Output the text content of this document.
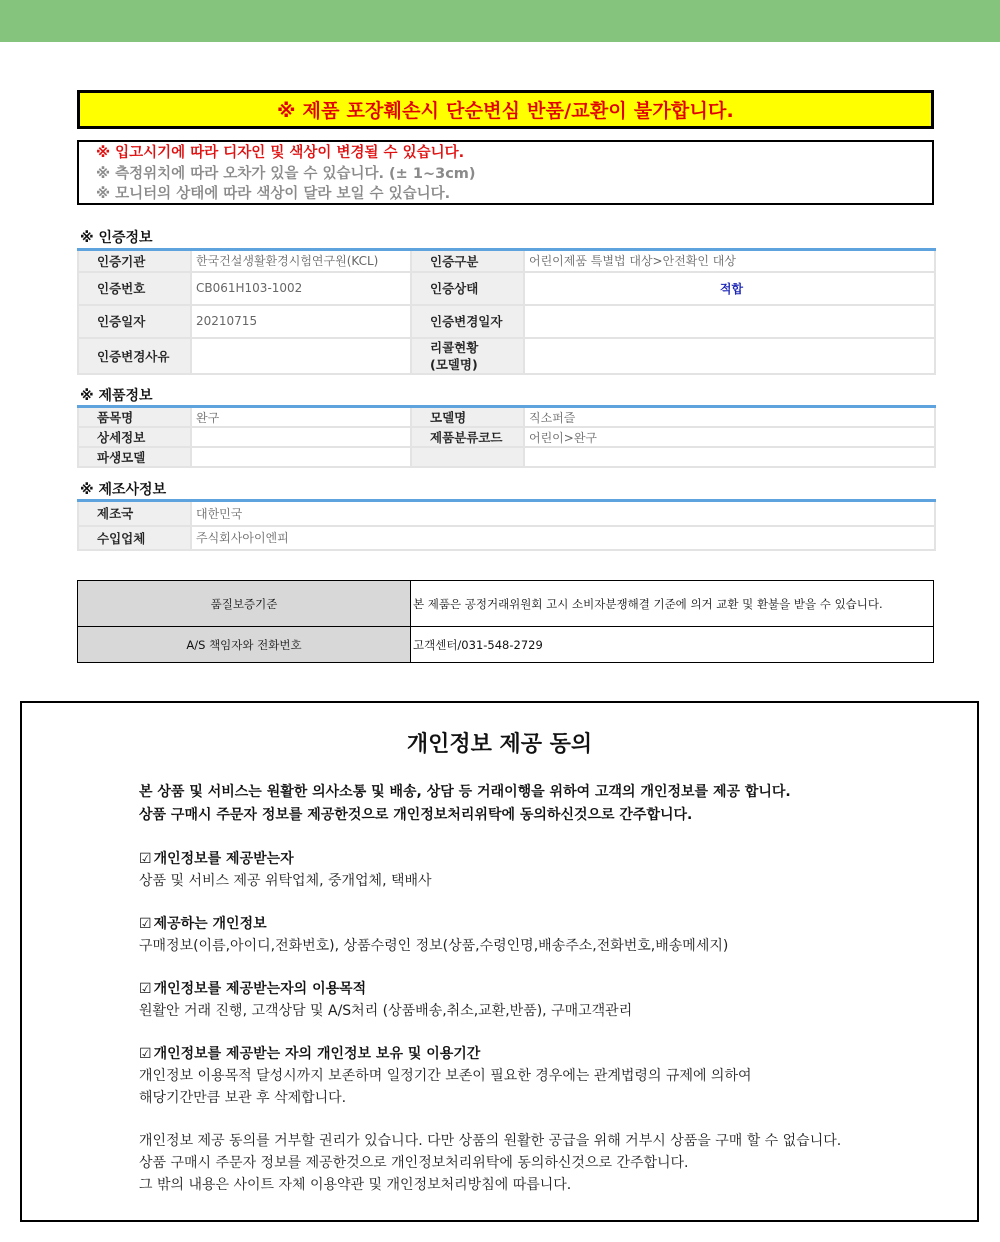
※ 제품 포장훼손시 단순변심 반품/교환이 불가합니다.
※ 입고시기에 따라 디자인 및 색상이 변경될 수 있습니다.
※ 측정위치에 따라 오차가 있을 수 있습니다. (± 1~3cm)
※ 모니터의 상태에 따라 색상이 달라 보일 수 있습니다.
※ 인증정보
인증기관	한국건설생활환경시험연구원(KCL)	인증구분	어린이제품 특별법 대상>안전확인 대상
인증번호	CB061H103-1002	인증상태	적합
인증일자	20210715	인증변경일자	
인증변경사유		리콜현황
(모델명)	

※ 제품정보
품목명	완구	모델명	직소퍼즐
상세정보		제품분류코드	어린이>완구
파생모델			
※ 제조사정보
제조국	대한민국
수입업체	주식회사아이엔피
품질보증기준	본 제품은 공정거래위원회 고시 소비자분쟁해결 기준에 의거 교환 및 환불을 받을 수 있습니다.
A/S 책임자와 전화번호	고객센터/031-548-2729
개인정보 제공 동의
본 상품 및 서비스는 원활한 의사소통 및 배송, 상담 등 거래이행을 위하여 고객의 개인정보를 제공 합니다.
상품 구매시 주문자 정보를 제공한것으로 개인정보처리위탁에 동의하신것으로 간주합니다.
☑ 개인정보를 제공받는자
상품 및 서비스 제공 위탁업체, 중개업체, 택배사
☑ 제공하는 개인정보
구매정보(이름,아이디,전화번호), 상품수령인 정보(상품,수령인명,배송주소,전화번호,배송메세지)
☑ 개인정보를 제공받는자의 이용목적
원활안 거래 진행, 고객상담 및 A/S처리 (상품배송,취소,교환,반품), 구매고객관리
☑ 개인정보를 제공받는 자의 개인정보 보유 및 이용기간
개인정보 이용목적 달성시까지 보존하며 일정기간 보존이 필요한 경우에는 관계법령의 규제에 의하여
해당기간만큼 보관 후 삭제합니다.
개인정보 제공 동의를 거부할 권리가 있습니다. 다만 상품의 원활한 공급을 위해 거부시 상품을 구매 할 수 없습니다.
상품 구매시 주문자 정보를 제공한것으로 개인정보처리위탁에 동의하신것으로 간주합니다.
그 밖의 내용은 사이트 자체 이용약관 및 개인정보처리방침에 따릅니다.
